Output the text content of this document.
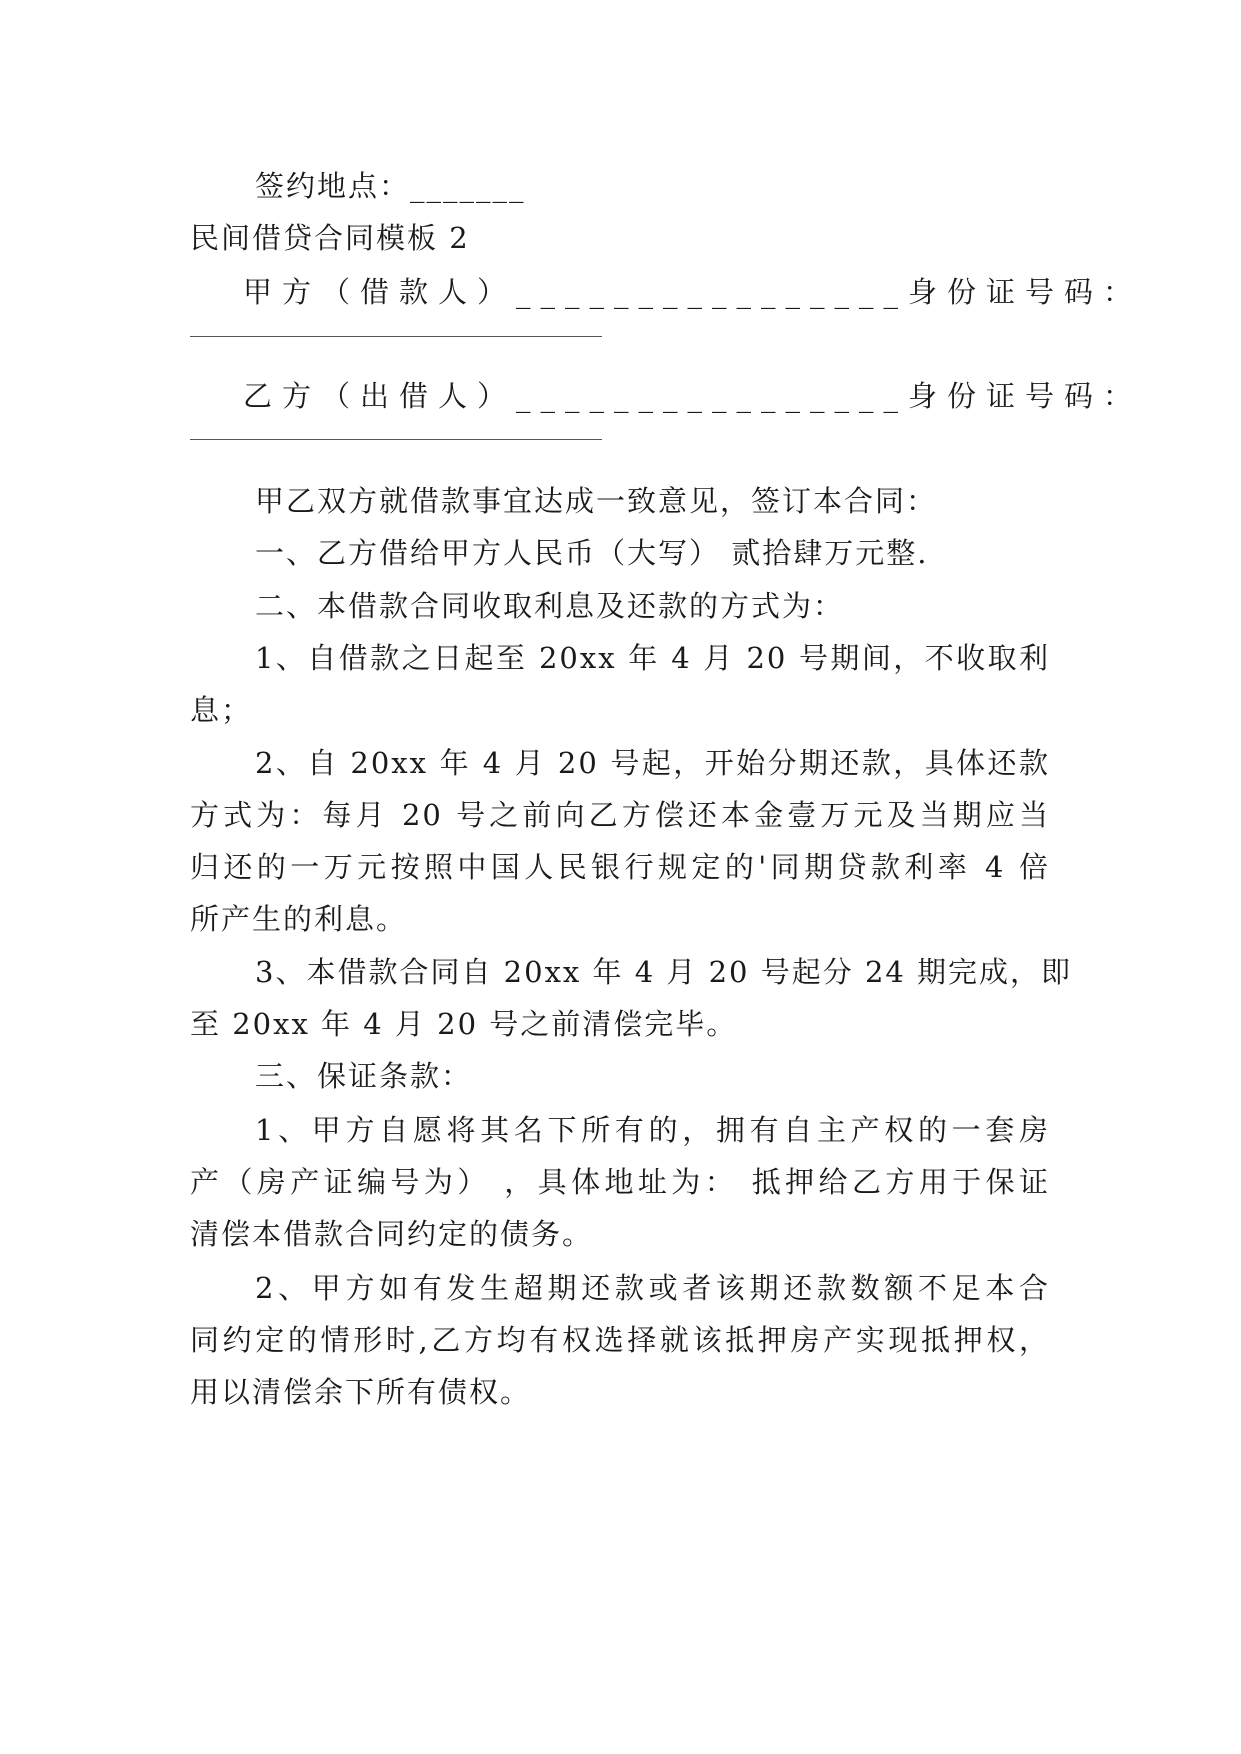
签约地点：_______
民间借贷合同模板 2
甲方（借款人）________________身份证号码：
乙方（出借人）________________身份证号码：
甲乙双方就借款事宜达成一致意见，签订本合同：
一、乙方借给甲方人民币（大写） 贰拾肆万元整.
二、本借款合同收取利息及还款的方式为：
1、自借款之日起至 20xx 年 4 月 20 号期间，不收取利
息；
2、自 20xx 年 4 月 20 号起，开始分期还款，具体还款
方式为：每月 20 号之前向乙方偿还本金壹万元及当期应当
归还的一万元按照中国人民银行规定的'同期贷款利率 4 倍
所产生的利息。
3、本借款合同自 20xx 年 4 月 20 号起分 24 期完成，即
至 20xx 年 4 月 20 号之前清偿完毕。
三、保证条款：
1、甲方自愿将其名下所有的，拥有自主产权的一套房
产（房产证编号为） ，具体地址为： 抵押给乙方用于保证
清偿本借款合同约定的债务。
2、甲方如有发生超期还款或者该期还款数额不足本合
同约定的情形时,乙方均有权选择就该抵押房产实现抵押权，
用以清偿余下所有债权。
